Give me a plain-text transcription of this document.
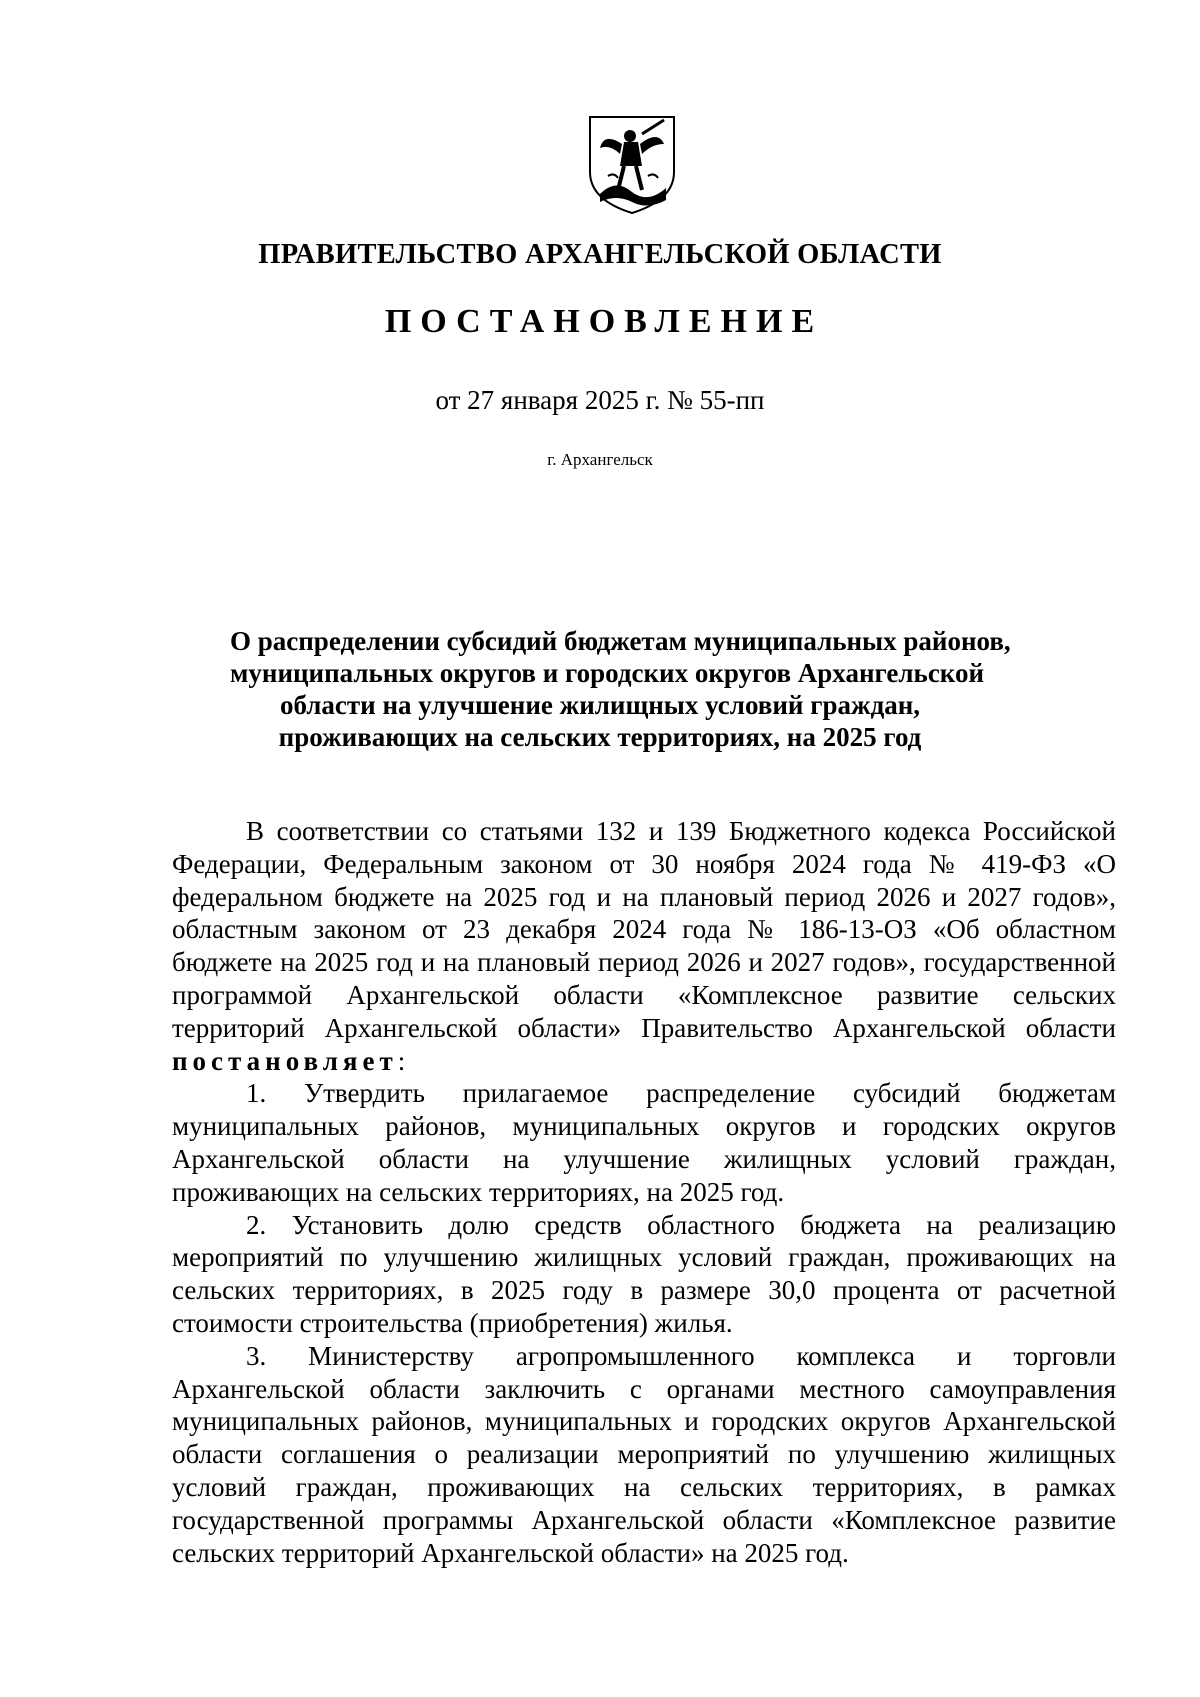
ПРАВИТЕЛЬСТВО АРХАНГЕЛЬСКОЙ ОБЛАСТИ
ПОСТАНОВЛЕНИЕ
от 27 января 2025 г. № 55-пп
г. Архангельск
О распределении субсидий бюджетам муниципальных районов,
муниципальных округов и городских округов Архангельской
области на улучшение жилищных условий граждан,
проживающих на сельских территориях, на 2025 год

В соответствии со статьями 132 и 139 Бюджетного кодекса Российской Федерации, Федеральным законом от 30 ноября 2024 года № 419-ФЗ «О федеральном бюджете на 2025 год и на плановый период 2026 и 2027 годов», областным законом от 23 декабря 2024 года № 186-13-ОЗ «Об областном бюджете на 2025 год и на плановый период 2026 и 2027 годов», государственной программой Архангельской области «Комплексное развитие сельских территорий Архангельской области» Правительство Архангельской области постановляет:

1. Утвердить прилагаемое распределение субсидий бюджетам муниципальных районов, муниципальных округов и городских округов Архангельской области на улучшение жилищных условий граждан, проживающих на сельских территориях, на 2025 год.

2. Установить долю средств областного бюджета на реализацию мероприятий по улучшению жилищных условий граждан, проживающих на сельских территориях, в 2025 году в размере 30,0 процента от расчетной стоимости строительства (приобретения) жилья.

3. Министерству агропромышленного комплекса и торговли Архангельской области заключить с органами местного самоуправления муниципальных районов, муниципальных и городских округов Архангельской области соглашения о реализации мероприятий по улучшению жилищных условий граждан, проживающих на сельских территориях, в рамках государственной программы Архангельской области «Комплексное развитие сельских территорий Архангельской области» на 2025 год.
